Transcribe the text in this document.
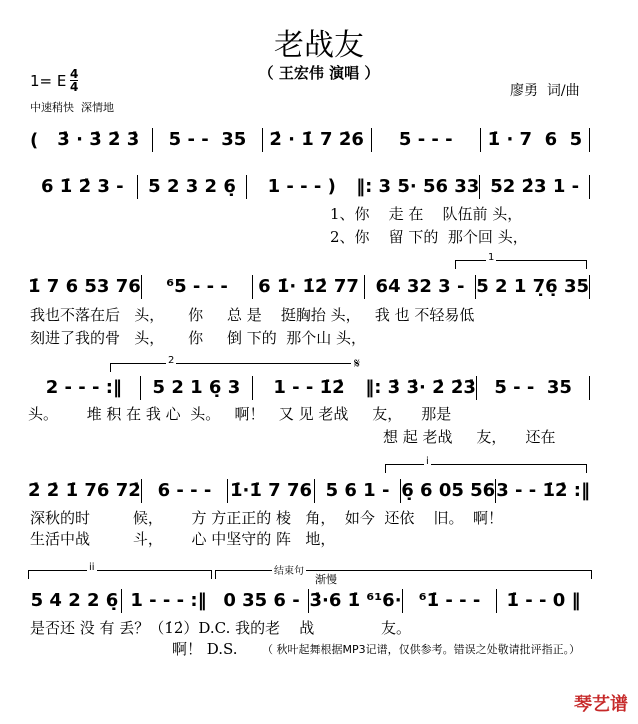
老战友
（ 王宏伟 演唱 ）
1= E $\frac{4}{4}$
中速稍快  深情地
廖勇  词/曲
(	3̇ · 3̇ 2̇ 3̇	5 - -  35	2̇ · 1̇ 7 2̇6	5 - - -	1̇ · 7  6  5
6 1̇ 2̇ 3 -	5 2 3 2 6̣	1 - - - )	‖: 3 5· 56 33 52 2̇3 1 -
1、你    走 在    队伍前 头，
2、你    留 下的  那个回 头，
1
1̇ 7 6 53 76	⁶5 - - -	6 1̇· 1̇2̇ 77 64 32 3 - 5 2 1 7̣6̣ 35
我也不落在后   头，     你     总 是    挺胸抬 头，   我 也 不轻易低
刻进了我的骨   头，     你     倒 下的  那个山 头，
2	𝄋
2 - - - :‖	5 2 1 6̣ 3	1 - - 1̇2̇	‖: 3̇ 3̇· 2̇ 2̇3̇	5 - -  35
头。      堆 积 在 我 心  头。   啊！   又 见 老战     友，    那是
想 起 老战     友，    还在
i
2̇ 2̇ 1̇ 76 72̇ 6 - - -	1̇·1̇ 7 76 5 6 1 - 6̣ 6 05 56 3 - - 1̇2̇ :‖
深秋的时         候，      方 方正正的 棱   角，  如今  还依    旧。  啊！
生活中战         斗，      心 中坚守的 阵   地，
ii	结束句
渐慢
5 4 2 2 6̣ 1 - - - :‖ 0 35 6 - 3̇·6 1̇ ⁶¹6· ⁶1̇ - - -	1̇ - - 0 ‖
是否还 没 有 丢？（1̇2̇）D.C. 我的老    战              友。
啊！ D.S. （ 秋叶起舞根据MP3记谱，仅供参考。错误之处敬请批评指正。）
琴艺谱
